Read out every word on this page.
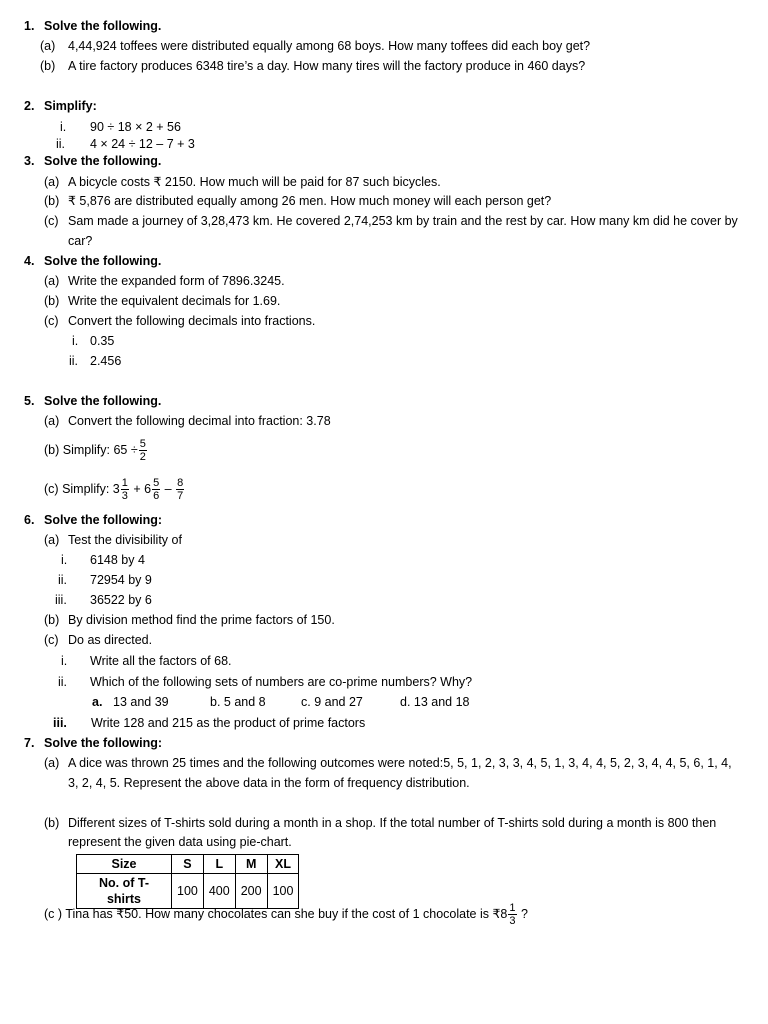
1. Solve the following.
(a) 4,44,924 toffees were distributed equally among 68 boys. How many toffees did each boy get?
(b) A tire factory produces 6348 tire’s a day. How many tires will the factory produce in 460 days?
2. Simplify:
i. 90 ÷ 18 × 2 + 56
ii. 4 × 24 ÷ 12 – 7 + 3
3. Solve the following.
(a) A bicycle costs ₹ 2150. How much will be paid for 87 such bicycles.
(b) ₹ 5,876 are distributed equally among 26 men. How much money will each person get?
(c) Sam made a journey of 3,28,473 km. He covered 2,74,253 km by train and the rest by car. How many km did he cover by
car?
4. Solve the following.
(a) Write the expanded form of 7896.3245.
(b) Write the equivalent decimals for 1.69.
(c) Convert the following decimals into fractions.
i. 0.35
ii. 2.456
5. Solve the following.
(a) Convert the following decimal into fraction: 3.78
(b) Simplify: $65 \div \frac{5}{2}$
(c) Simplify: $3 \frac{1}{3} + 6 \frac{5}{6} - \frac{8}{7}$
6. Solve the following:
(a) Test the divisibility of
i. 6148 by 4
ii. 72954 by 9
iii. 36522 by 6
(b) By division method find the prime factors of 150.
(c) Do as directed.
i. Write all the factors of 68.
ii. Which of the following sets of numbers are co-prime numbers? Why?
a. 13 and 39	b. 5 and 8	c. 9 and 27	d. 13 and 18
iii. Write 128 and 215 as the product of prime factors
7. Solve the following:
(a) A dice was thrown 25 times and the following outcomes were noted:5, 5, 1, 2, 3, 3, 4, 5, 1, 3, 4, 4, 5, 2, 3, 4, 4, 5, 6, 1, 4,
3, 2, 4, 5. Represent the above data in the form of frequency distribution.
(b) Different sizes of T-shirts sold during a month in a shop. If the total number of T-shirts sold during a month is 800 then
represent the given data using pie-chart.
Size	S	L	M	XL
No. of T-shirts	100	400	200	100
(c ) Tina has ₹50. How many chocolates can she buy if the cost of 1 chocolate is ₹8 $\frac{1}{3}$ ?
